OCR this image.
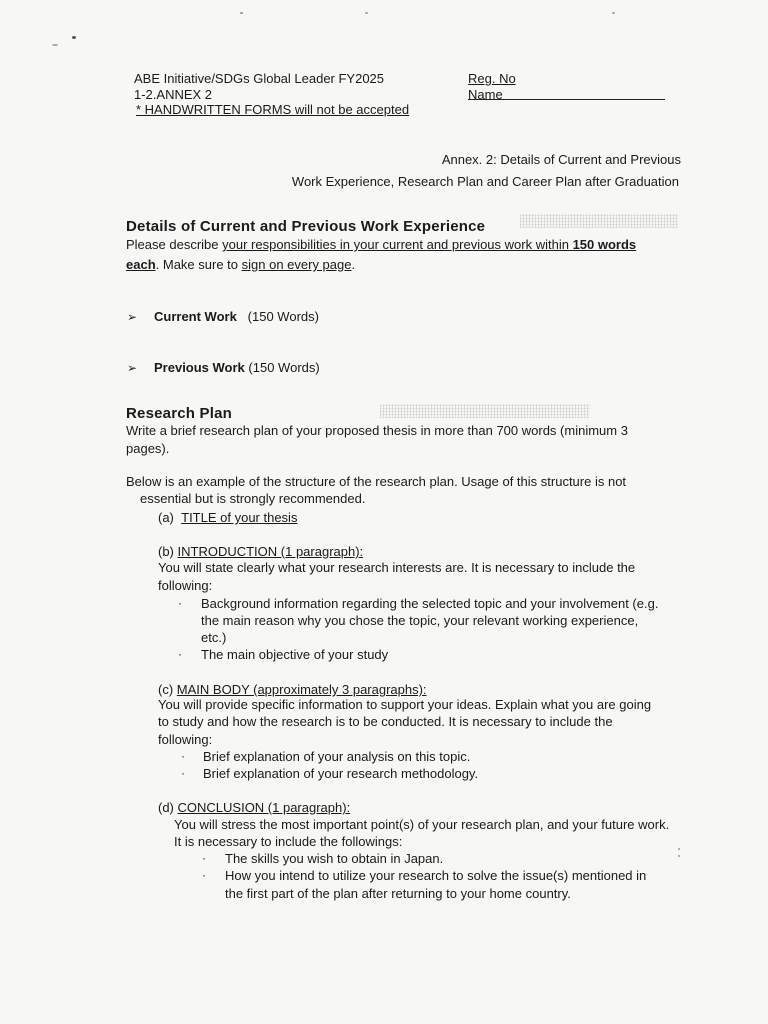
ABE Initiative/SDGs Global Leader FY2025
1-2.ANNEX 2
* HANDWRITTEN FORMS will not be accepted
Reg. No
Name
Annex. 2: Details of Current and Previous
Work Experience, Research Plan and Career Plan after Graduation
Details of Current and Previous Work Experience
Please describe your responsibilities in your current and previous work within 150 words
each. Make sure to sign on every page.
➢ Current Work (150 Words)
➢ Previous Work (150 Words)
Research Plan
Write a brief research plan of your proposed thesis in more than 700 words (minimum 3
pages).
Below is an example of the structure of the research plan. Usage of this structure is not
essential but is strongly recommended.
(a) TITLE of your thesis
(b) INTRODUCTION (1 paragraph):
You will state clearly what your research interests are. It is necessary to include the
following:
· Background information regarding the selected topic and your involvement (e.g.
the main reason why you chose the topic, your relevant working experience,
etc.)
· The main objective of your study
(c) MAIN BODY (approximately 3 paragraphs):
You will provide specific information to support your ideas. Explain what you are going
to study and how the research is to be conducted. It is necessary to include the
following:
· Brief explanation of your analysis on this topic.
· Brief explanation of your research methodology.
(d) CONCLUSION (1 paragraph):
You will stress the most important point(s) of your research plan, and your future work.
It is necessary to include the followings:
· The skills you wish to obtain in Japan.
· How you intend to utilize your research to solve the issue(s) mentioned in
the first part of the plan after returning to your home country.
